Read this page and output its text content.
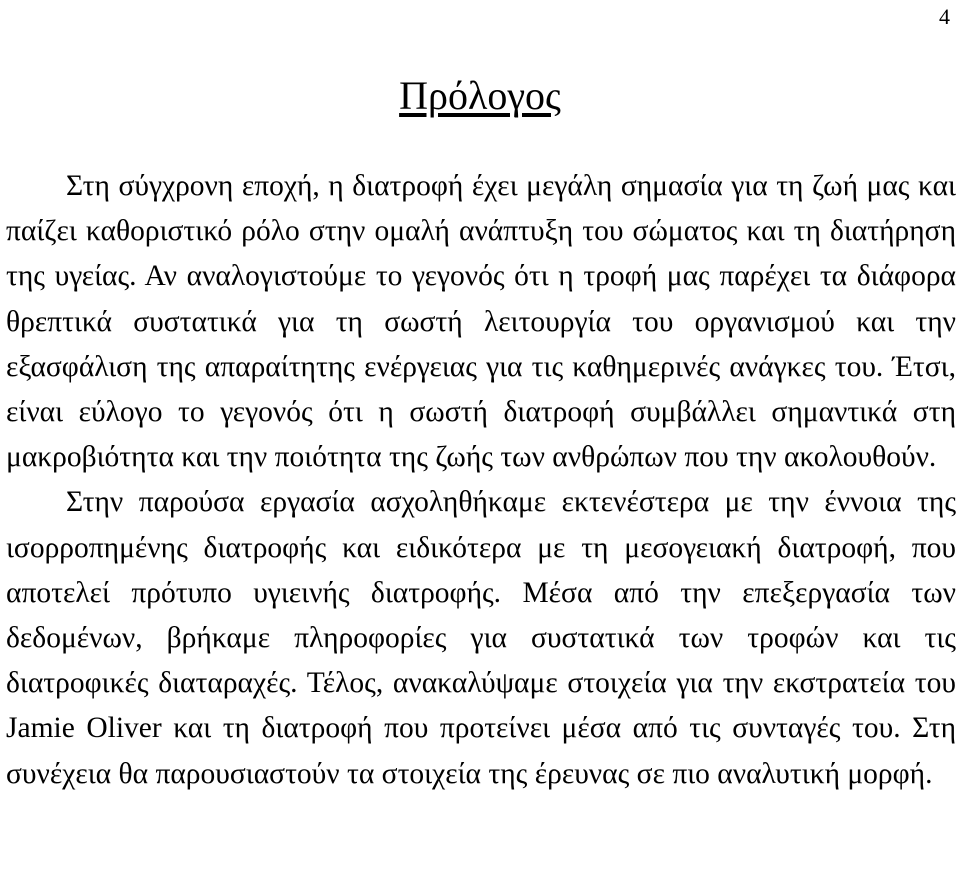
4
Πρόλογος

Στη σύγχρονη εποχή, η διατροφή έχει μεγάλη σημασία για τη ζωή μας και παίζει καθοριστικό ρόλο στην ομαλή ανάπτυξη του σώματος και τη διατήρηση της υγείας. Αν αναλογιστούμε το γεγονός ότι η τροφή μας παρέχει τα διάφορα θρεπτικά συστατικά για τη σωστή λειτουργία του οργανισμού και την εξασφάλιση της απαραίτητης ενέργειας για τις καθημερινές ανάγκες του. Έτσι, είναι εύλογο το γεγονός ότι η σωστή διατροφή συμβάλλει σημαντικά στη μακροβιότητα και την ποιότητα της ζωής των ανθρώπων που την ακολουθούν.

Στην παρούσα εργασία ασχοληθήκαμε εκτενέστερα με την έννοια της ισορροπημένης διατροφής και ειδικότερα με τη μεσογειακή διατροφή, που αποτελεί πρότυπο υγιεινής διατροφής. Μέσα από την επεξεργασία των δεδομένων, βρήκαμε πληροφορίες για συστατικά των τροφών και τις διατροφικές διαταραχές. Τέλος, ανακαλύψαμε στοιχεία για την εκστρατεία του Jamie Oliver και τη διατροφή που προτείνει μέσα από τις συνταγές του. Στη συνέχεια θα παρουσιαστούν τα στοιχεία της έρευνας σε πιο αναλυτική μορφή.
